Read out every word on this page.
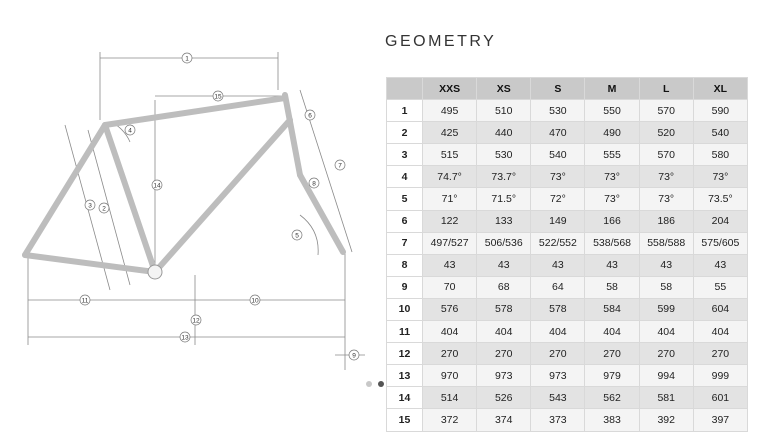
1
2
3
4
5
6
7
8
9
10
11
12
13
14
15
GEOMETRY
	XXS	XS	S	M	L	XL
1	495	510	530	550	570	590
2	425	440	470	490	520	540
3	515	530	540	555	570	580
4	74.7°	73.7°	73°	73°	73°	73°
5	71°	71.5°	72°	73°	73°	73.5°
6	122	133	149	166	186	204
7	497/527	506/536	522/552	538/568	558/588	575/605
8	43	43	43	43	43	43
9	70	68	64	58	58	55
10	576	578	578	584	599	604
11	404	404	404	404	404	404
12	270	270	270	270	270	270
13	970	973	973	979	994	999
14	514	526	543	562	581	601
15	372	374	373	383	392	397
